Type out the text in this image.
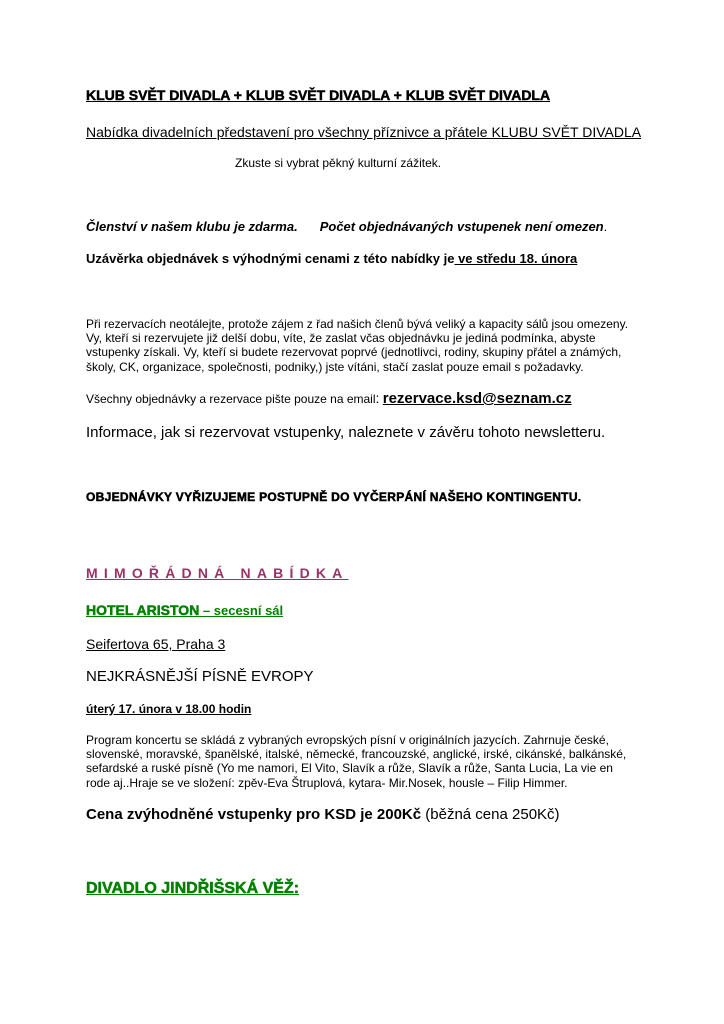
KLUB SVĚT DIVADLA + KLUB SVĚT DIVADLA + KLUB SVĚT DIVADLA
Nabídka divadelních představení pro všechny příznivce a přátele KLUBU SVĚT DIVADLA
Zkuste si vybrat pěkný kulturní zážitek.
Členství v našem klubu je zdarma. Počet objednávaných vstupenek není omezen.
Uzávěrka objednávek s výhodnými cenami z této nabídky je ve středu 18. února
Při rezervacích neotálejte, protože zájem z řad našich členů bývá veliký a kapacity sálů jsou omezeny.
Vy, kteří si rezervujete již delší dobu, víte, že zaslat včas objednávku je jediná podmínka, abyste
vstupenky získali. Vy, kteří si budete rezervovat poprvé (jednotlivci, rodiny, skupiny přátel a známých,
školy, CK, organizace, společnosti, podniky,) jste vítáni, stačí zaslat pouze email s požadavky.
Všechny objednávky a rezervace pište pouze na email: rezervace.ksd@seznam.cz
Informace, jak si rezervovat vstupenky, naleznete v závěru tohoto newsletteru.
OBJEDNÁVKY VYŘIZUJEME POSTUPNĚ DO VYČERPÁNÍ NAŠEHO KONTINGENTU.
MIMOŘÁDNÁ NABÍDKA
HOTEL ARISTON – secesní sál
Seifertova 65, Praha 3
NEJKRÁSNĚJŠÍ PÍSNĚ EVROPY
úterý 17. února v 18.00 hodin
Program koncertu se skládá z vybraných evropských písní v originálních jazycích. Zahrnuje české,
slovenské, moravské, španělské, italské, německé, francouzské, anglické, irské, cikánské, balkánské,
sefardské a ruské písně (Yo me namori, El Vito, Slavík a růže, Slavík a růže, Santa Lucia, La vie en
rode aj..Hraje se ve složení: zpěv-Eva Štruplová, kytara- Mir.Nosek, housle – Filip Himmer.
Cena zvýhodněné vstupenky pro KSD je 200Kč (běžná cena 250Kč)
DIVADLO JINDŘIŠSKÁ VĚŽ:
